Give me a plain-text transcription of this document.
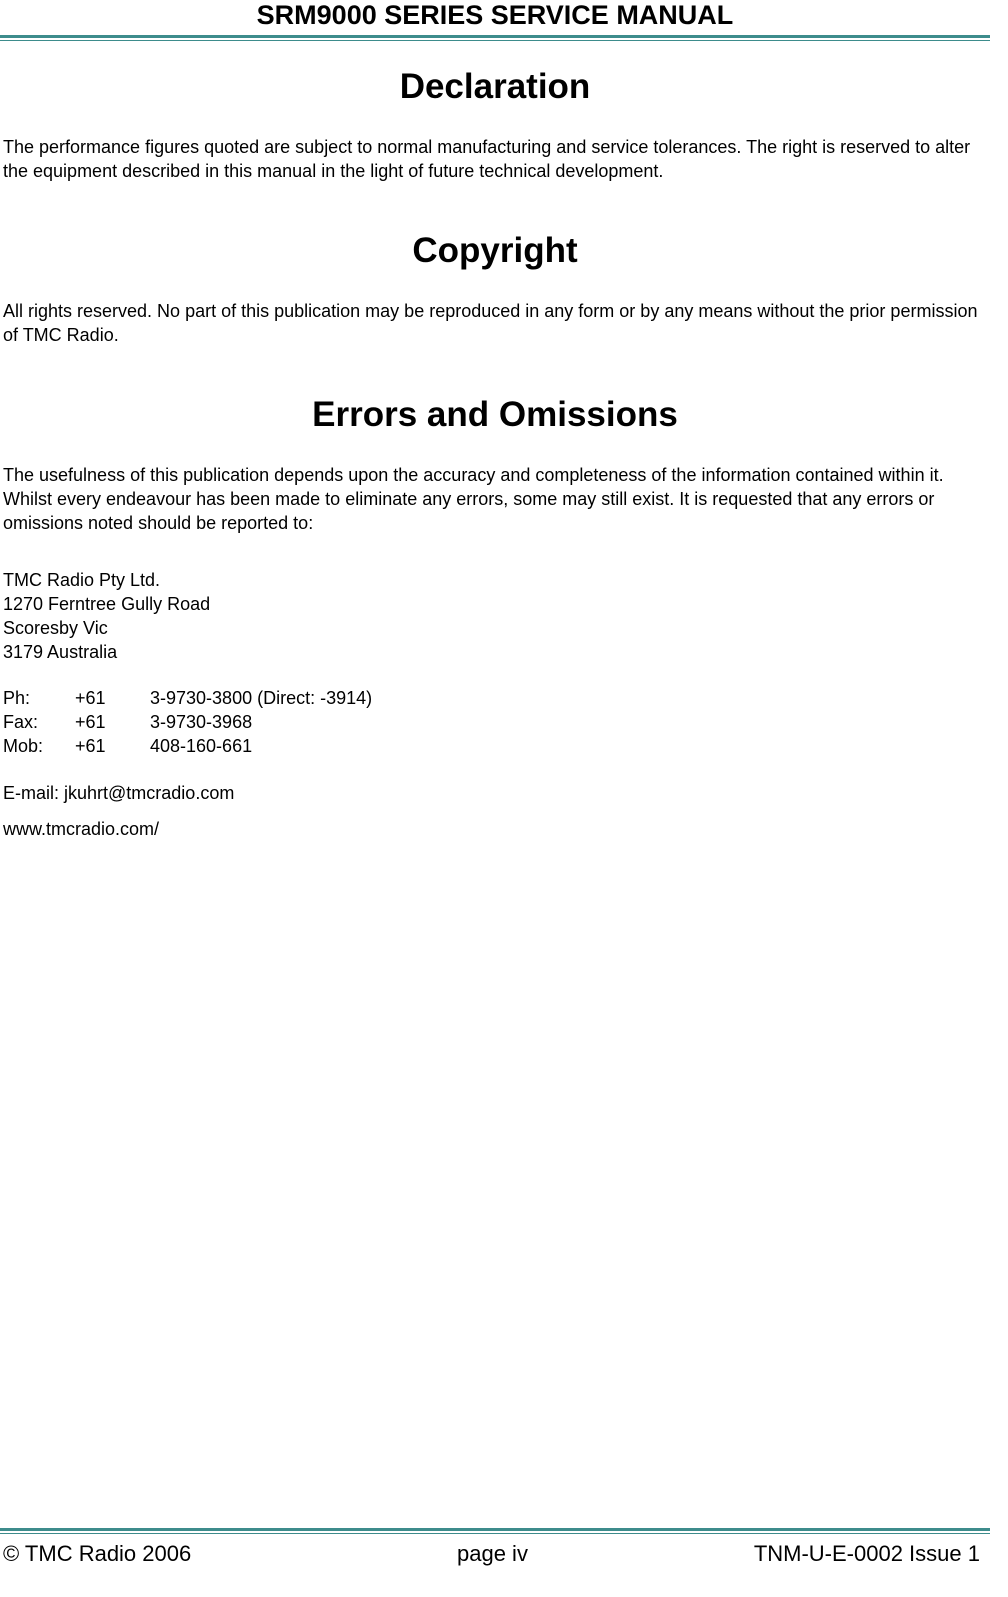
SRM9000 SERIES SERVICE MANUAL
Declaration
The performance figures quoted are subject to normal manufacturing and service tolerances. The right is reserved to alter the equipment described in this manual in the light of future technical development.
Copyright
All rights reserved. No part of this publication may be reproduced in any form or by any means without the prior permission of TMC Radio.
Errors and Omissions
The usefulness of this publication depends upon the accuracy and completeness of the information contained within it. Whilst every endeavour has been made to eliminate any errors, some may still exist. It is requested that any errors or omissions noted should be reported to:
TMC Radio Pty Ltd.
1270 Ferntree Gully Road
Scoresby Vic
3179 Australia
Ph: +61 3-9730-3800 (Direct: -3914)
Fax: +61 3-9730-3968
Mob: +61 408-160-661
E-mail: jkuhrt@tmcradio.com
www.tmcradio.com/
© TMC Radio 2006	page iv	TNM-U-E-0002 Issue 1
